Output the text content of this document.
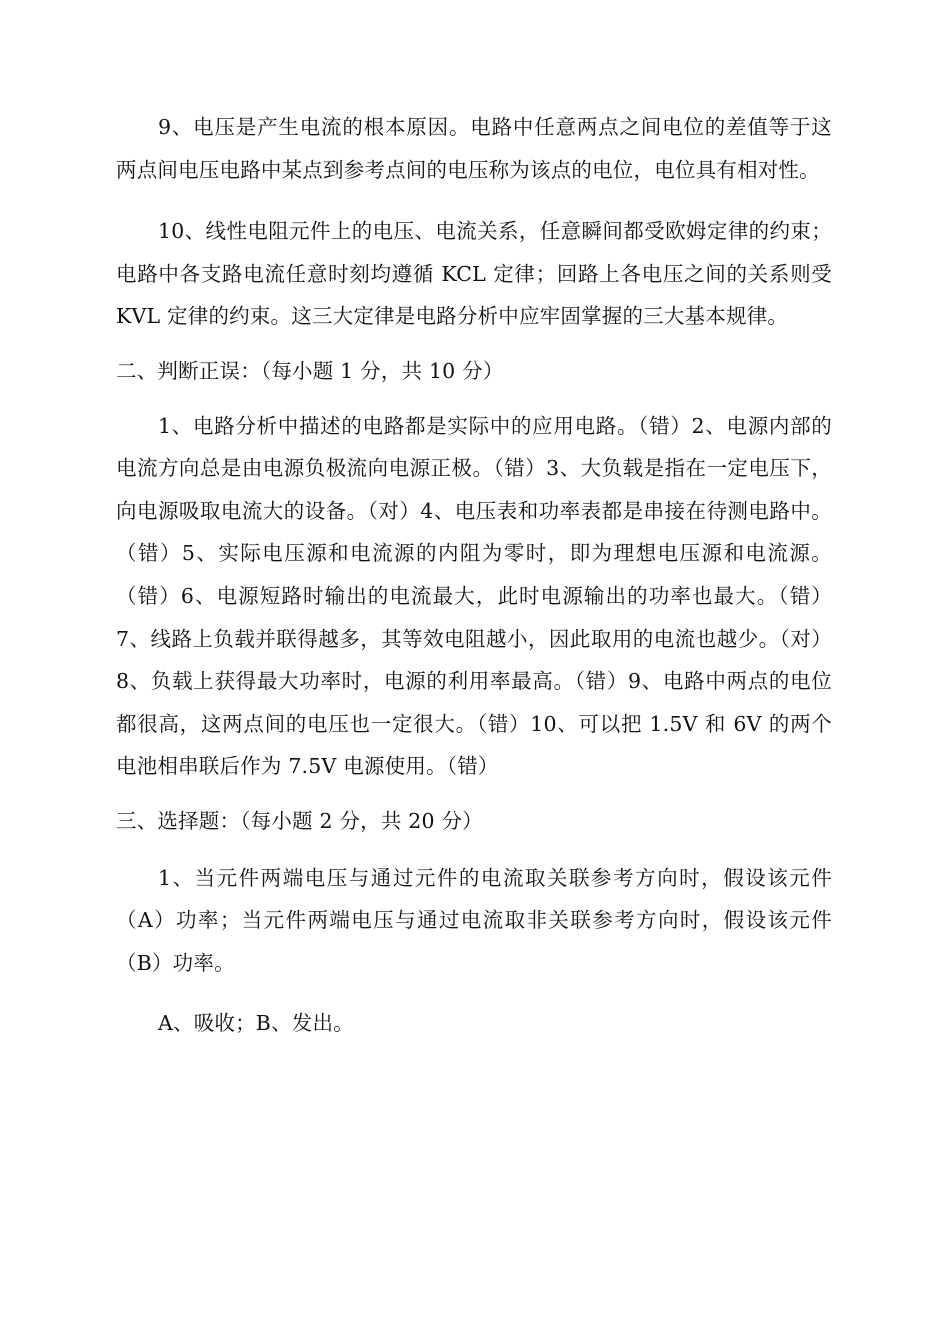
9、电压是产生电流的根本原因。电路中任意两点之间电位的差值等于这两点间电压电路中某点到参考点间的电压称为该点的电位，电位具有相对性。

10、线性电阻元件上的电压、电流关系，任意瞬间都受欧姆定律的约束；电路中各支路电流任意时刻均遵循 KCL 定律；回路上各电压之间的关系则受 KVL 定律的约束。这三大定律是电路分析中应牢固掌握的三大基本规律。

二、判断正误：（每小题 1 分，共 10 分）

1、电路分析中描述的电路都是实际中的应用电路。（错）2、电源内部的电流方向总是由电源负极流向电源正极。（错）3、大负载是指在一定电压下，向电源吸取电流大的设备。（对）4、电压表和功率表都是串接在待测电路中。（错）5、实际电压源和电流源的内阻为零时，即为理想电压源和电流源。（错）6、电源短路时输出的电流最大，此时电源输出的功率也最大。（错）7、线路上负载并联得越多，其等效电阻越小，因此取用的电流也越少。（对）8、负载上获得最大功率时，电源的利用率最高。（错）9、电路中两点的电位都很高，这两点间的电压也一定很大。（错）10、可以把 1.5V 和 6V 的两个电池相串联后作为 7.5V 电源使用。（错）

三、选择题：（每小题 2 分，共 20 分）

1、当元件两端电压与通过元件的电流取关联参考方向时，假设该元件（A）功率；当元件两端电压与通过电流取非关联参考方向时，假设该元件（B）功率。

A、吸收；B、发出。
